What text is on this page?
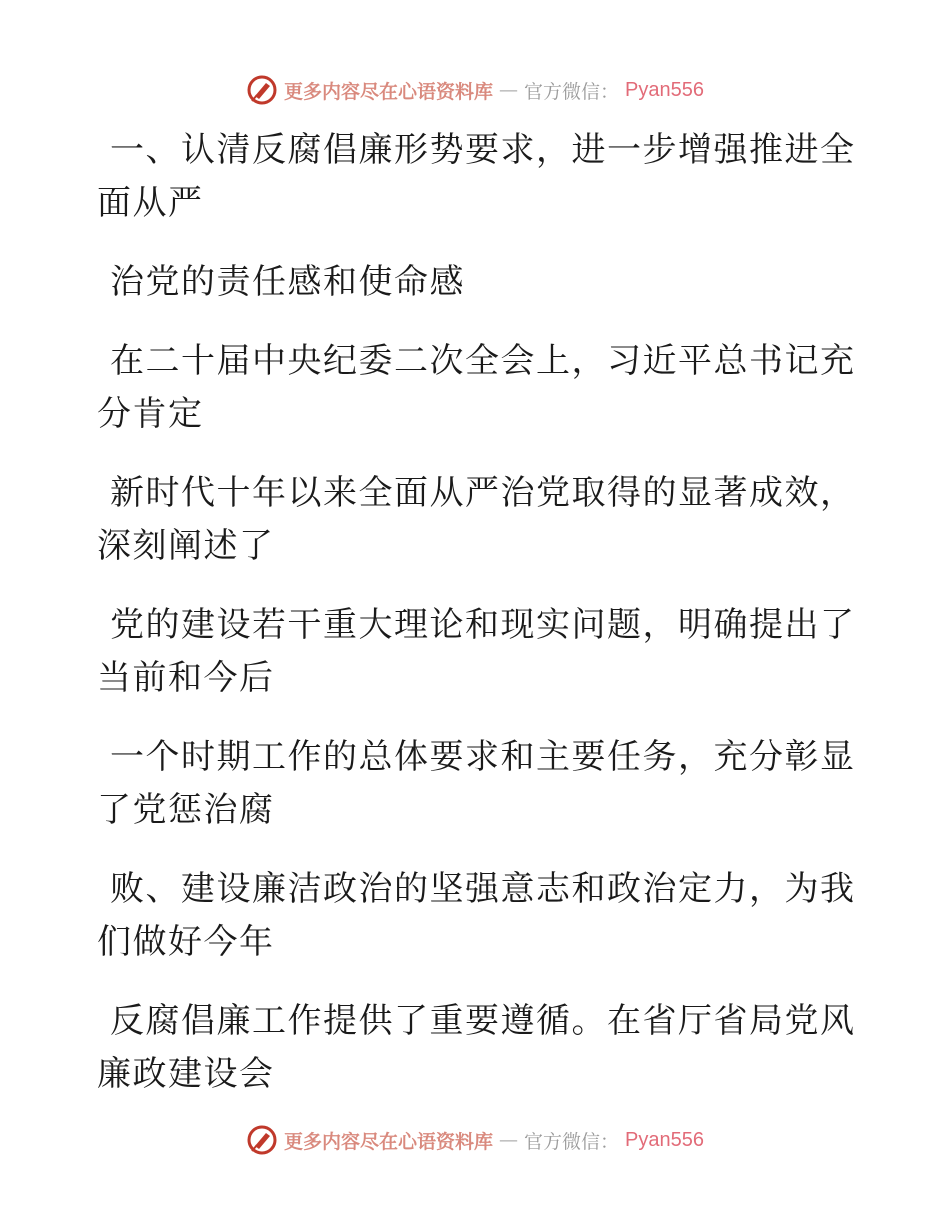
更多内容尽在心语资料库 — 官方微信： Pyan556

一、认清反腐倡廉形势要求，进一步增强推进全
面从严

治党的责任感和使命感

在二十届中央纪委二次全会上，习近平总书记充
分肯定

新时代十年以来全面从严治党取得的显著成效，
深刻阐述了

党的建设若干重大理论和现实问题，明确提出了
当前和今后

一个时期工作的总体要求和主要任务，充分彰显
了党惩治腐

败、建设廉洁政治的坚强意志和政治定力，为我
们做好今年

反腐倡廉工作提供了重要遵循。在省厅省局党风
廉政建设会

更多内容尽在心语资料库 — 官方微信： Pyan556
